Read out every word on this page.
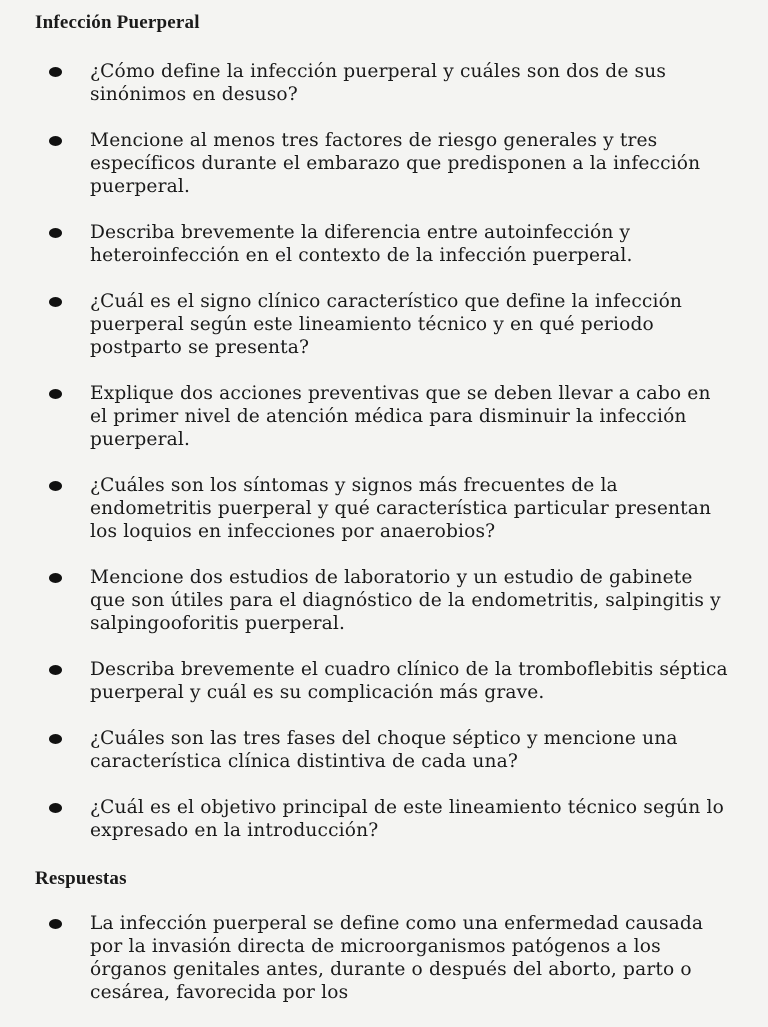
Infección Puerperal
¿Cómo define la infección puerperal y cuáles son dos de sus sinónimos en desuso?
Mencione al menos tres factores de riesgo generales y tres específicos durante el embarazo que predisponen a la infección puerperal.
Describa brevemente la diferencia entre autoinfección y heteroinfección en el contexto de la infección puerperal.
¿Cuál es el signo clínico característico que define la infección puerperal según este lineamiento técnico y en qué periodo postparto se presenta?
Explique dos acciones preventivas que se deben llevar a cabo en el primer nivel de atención médica para disminuir la infección puerperal.
¿Cuáles son los síntomas y signos más frecuentes de la endometritis puerperal y qué característica particular presentan los loquios en infecciones por anaerobios?
Mencione dos estudios de laboratorio y un estudio de gabinete que son útiles para el diagnóstico de la endometritis, salpingitis y salpingooforitis puerperal.
Describa brevemente el cuadro clínico de la tromboflebitis séptica puerperal y cuál es su complicación más grave.
¿Cuáles son las tres fases del choque séptico y mencione una característica clínica distintiva de cada una?
¿Cuál es el objetivo principal de este lineamiento técnico según lo expresado en la introducción?
Respuestas
La infección puerperal se define como una enfermedad causada por la invasión directa de microorganismos patógenos a los órganos genitales antes, durante o después del aborto, parto o cesárea, favorecida por los
